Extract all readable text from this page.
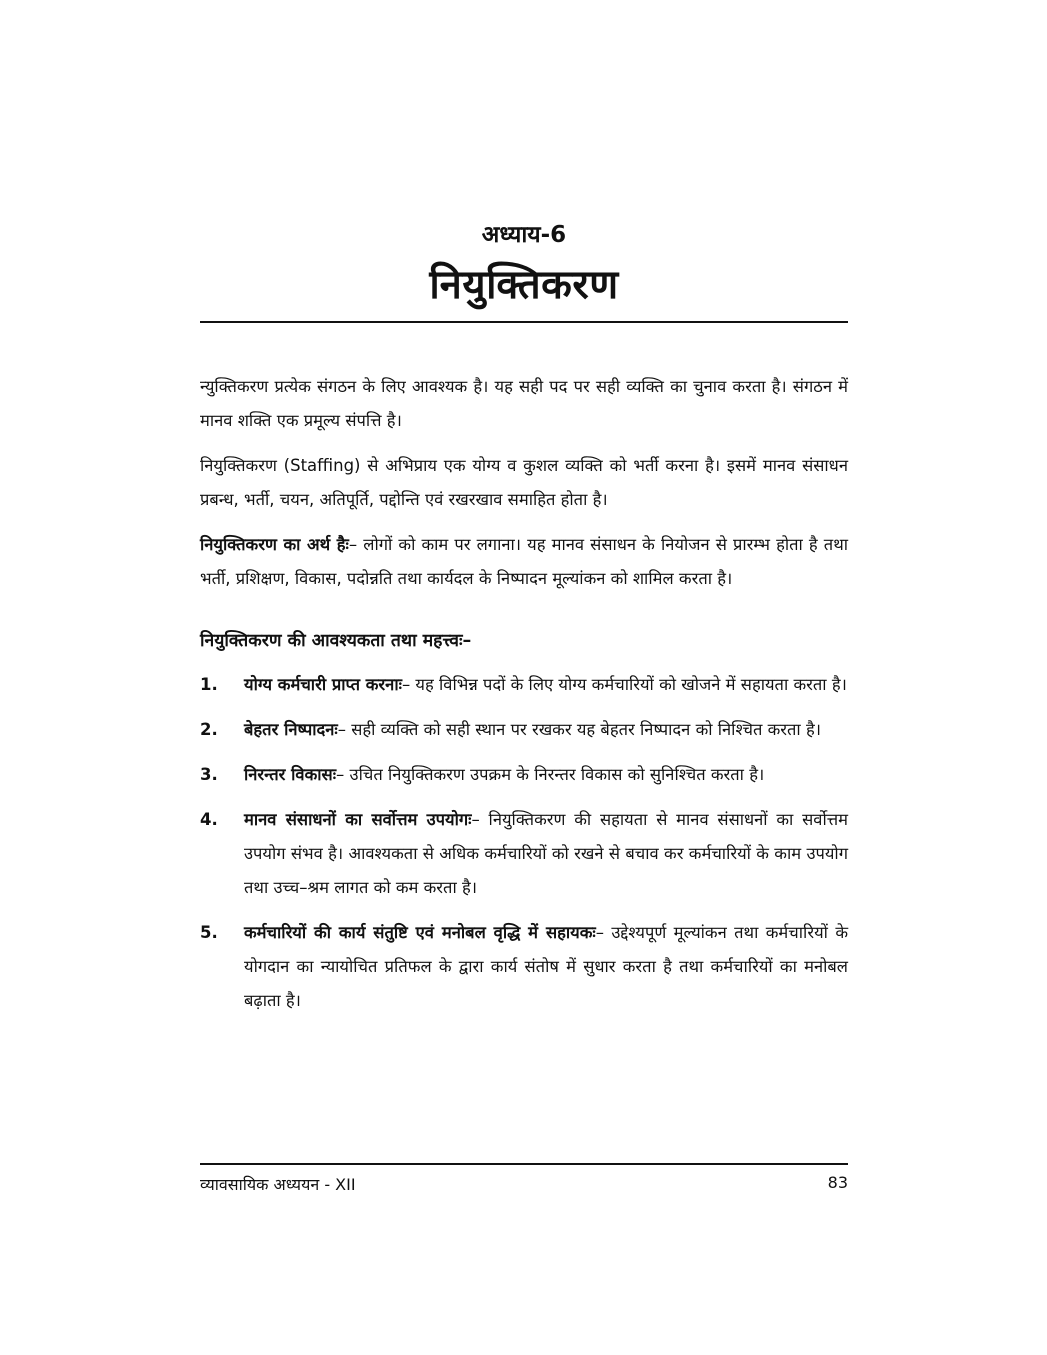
अध्याय-6
नियुक्तिकरण

न्युक्तिकरण प्रत्येक संगठन के लिए आवश्यक है। यह सही पद पर सही व्यक्ति का चुनाव करता है। संगठन में मानव शक्ति एक प्रमूल्य संपत्ति है।

नियुक्तिकरण (Staffing) से अभिप्राय एक योग्य व कुशल व्यक्ति को भर्ती करना है। इसमें मानव संसाधन प्रबन्ध, भर्ती, चयन, अतिपूर्ति, पद्दोन्ति एवं रखरखाव समाहित होता है।

नियुक्तिकरण का अर्थ हैः– लोगों को काम पर लगाना। यह मानव संसाधन के नियोजन से प्रारम्भ होता है तथा भर्ती, प्रशिक्षण, विकास, पदोन्नति तथा कार्यदल के निष्पादन मूल्यांकन को शामिल करता है।

नियुक्तिकरण की आवश्यकता तथा महत्त्वः–
1.	योग्य कर्मचारी प्राप्त करनाः– यह विभिन्न पदों के लिए योग्य कर्मचारियों को खोजने में सहायता करता है।
2.	बेहतर निष्पादनः– सही व्यक्ति को सही स्थान पर रखकर यह बेहतर निष्पादन को निश्चित करता है।
3.	निरन्तर विकासः– उचित नियुक्तिकरण उपक्रम के निरन्तर विकास को सुनिश्चित करता है।
4.	मानव संसाधनों का सर्वोत्तम उपयोगः– नियुक्तिकरण की सहायता से मानव संसाधनों का सर्वोत्तम उपयोग संभव है। आवश्यकता से अधिक कर्मचारियों को रखने से बचाव कर कर्मचारियों के काम उपयोग तथा उच्च–श्रम लागत को कम करता है।
5.	कर्मचारियों की कार्य संतुष्टि एवं मनोबल वृद्धि में सहायकः– उद्देश्यपूर्ण मूल्यांकन तथा कर्मचारियों के योगदान का न्यायोचित प्रतिफल के द्वारा कार्य संतोष में सुधार करता है तथा कर्मचारियों का मनोबल बढ़ाता है।
व्यावसायिक अध्ययन - XII	83
